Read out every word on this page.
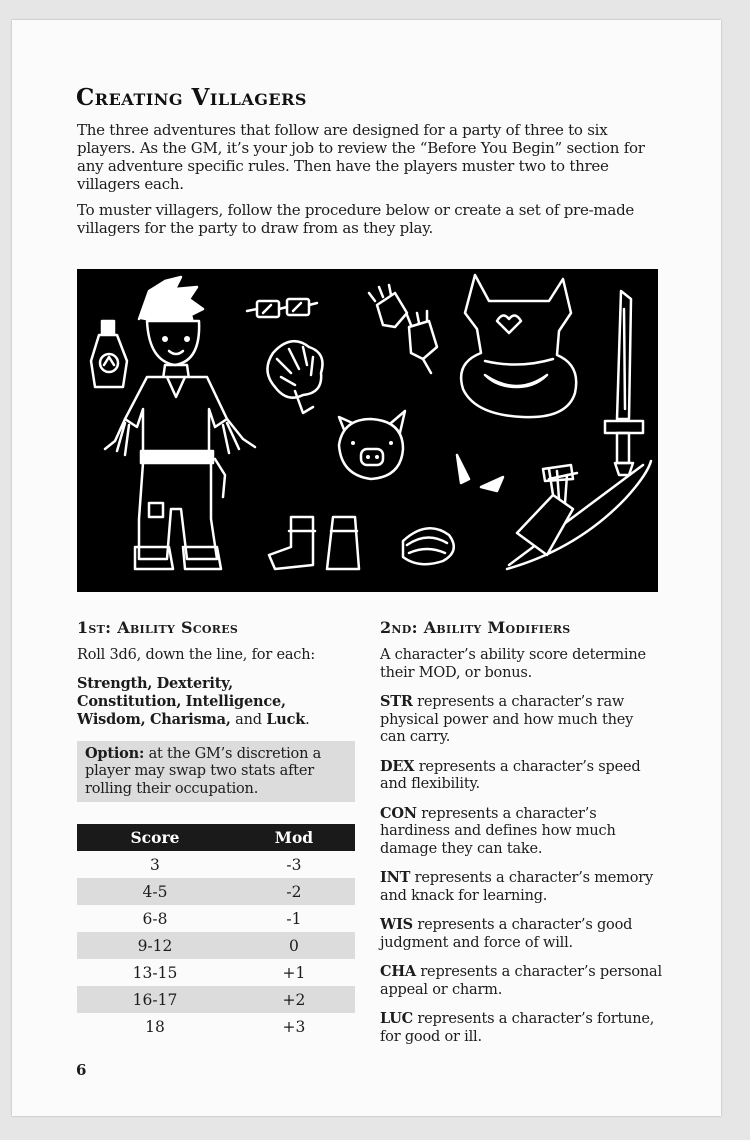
Creating Villagers

The three adventures that follow are designed for a party of three to six players. As the GM, it’s your job to review the “Before You Begin” section for any adventure specific rules. Then have the players muster two to three villagers each.

To muster villagers, follow the procedure below or create a set of pre-made villagers for the party to draw from as they play.

1st: Ability Scores

Roll 3d6, down the line, for each:

Strength, Dexterity,
Constitution, Intelligence,
Wisdom, Charisma, and Luck.

Option: at the GM’s discretion a player may swap two stats after rolling their occupation.
Score	Mod
3	-3
4-5	-2
6-8	-1
9-12	0
13-15	+1
16-17	+2
18	+3
2nd: Ability Modifiers

A character’s ability score determine their MOD, or bonus.

STR represents a character’s raw physical power and how much they can carry.

DEX represents a character’s speed and flexibility.

CON represents a character’s hardiness and defines how much damage they can take.

INT represents a character’s memory and knack for learning.

WIS represents a character’s good judgment and force of will.

CHA represents a character’s personal appeal or charm.

LUC represents a character’s fortune, for good or ill.

6
